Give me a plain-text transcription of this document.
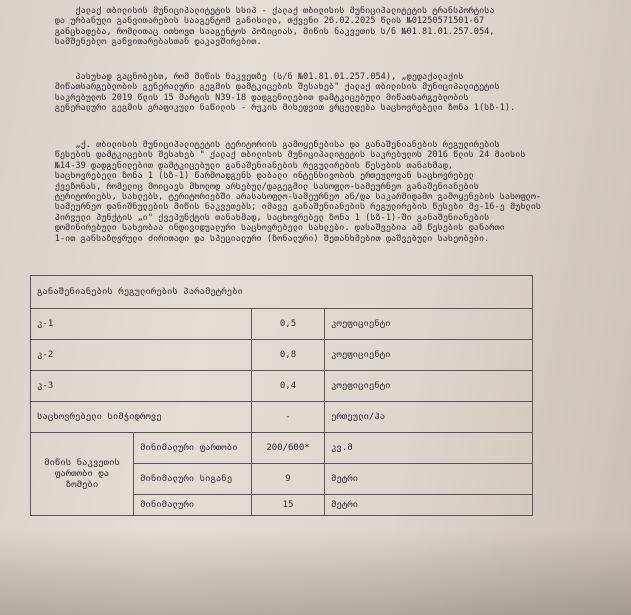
ქალაქ თბილისის მუნიციპალიტეტის სსიპ - ქალაქ თბილისის მუნიციპალიტეტის ტრანსპორტისა

და ურბანული განვითარების სააგენტომ განიხილა, თქვენი 26.02.2025 წლის №01250571501-67

განცხადება, რომლითაც ითხოვთ სააგენტოს პოზიციას, მიწის ნაკვეთის ს/ნ №01.81.01.257.054,

სამშენებლო განვითარებასთან დაკავშირებით.

პასუხად გაცნობებთ, რომ მიწის ნაკვეთზე (ს/ნ №01.81.01.257.054), „დედაქალაქის

მიწათსარგებლობის გენერალური გეგმის დამტკიცების შესახებ" ქალაქ თბილისის მუნიციპალიტეტის

საკრებულოს 2019 წლის 15 მარტის N39-18 დადგენილებით დამტკიცებული მიწათსარგებლობის

გენერალური გეგმის გრაფიკული ნაწილის - რუკის მიხედვით ვრცელდება საცხოვრებელი ზონა 1(სზ-1).

„ქ. თბილისის მუნიციპალიტეტის ტერიტორიის გამოყენებისა და განაშენიანების რეგულირების

წესების დამტკიცების შესახებ " ქალაქ თბილისის მუნიციპალიტეტის საკრებულოს 2016 წლის 24 მაისის

№14-39 დადგენილებით დამტკიცებული განაშენიანების რეგულირების წესების თანახმად,

საცხოვრებელი ზონა 1 (სზ-1) წარმოადგენს დაბალი ინტენსივობის ერთეულოვან საცხოვრებელ

ქვეზონას, რომელიც მოიცავს მხოლოდ არსებულ/დაგეგმილ სასოფლო-სამეურნეო განაშენიანების

ტერიტორიებს, სახლებს, ტერიტორიებში არასასოფლო-სამეურნეო ან/და საკარმიდამო გამოყენების სასოფლო-

სამეურნეო დანიშნულების მიწის ნაკვეთებს; იმავე განაშენიანების რეგულირების წესები მე-16-ე მუხლის

პირველი პუნქტის „ი" ქვეპუნქტის თანახმად, საცხოვრებელ ზონა 1 (სზ-1)-ში განაშენიანების

დომინირებული სახეობაა ინდივიდუალური საცხოვრებელი სახლები. დასაშვებია ამ წესების დანართი

1-ით განსაზღვრული ძირითადი და სპეციალური (ზონალური) შეთანხმებით დაშვებული სახეობები.

განაშენიანების რეგულირების პარამეტრები			
კ-1		0,5	კოეფიციენტი
კ-2		0,8	კოეფიციენტი
კ-3		0,4	კოეფიციენტი
საცხოვრებელი სიმჭიდროვე		-	ერთეული/ჰა
მიწის ნაკვეთის ფართობი და ზომები	მინიმალური ფართობი	200/600*	კვ.მ
	მინიმალური სიგანე	9	მეტრი
	მინიმალური	15	მეტრი
